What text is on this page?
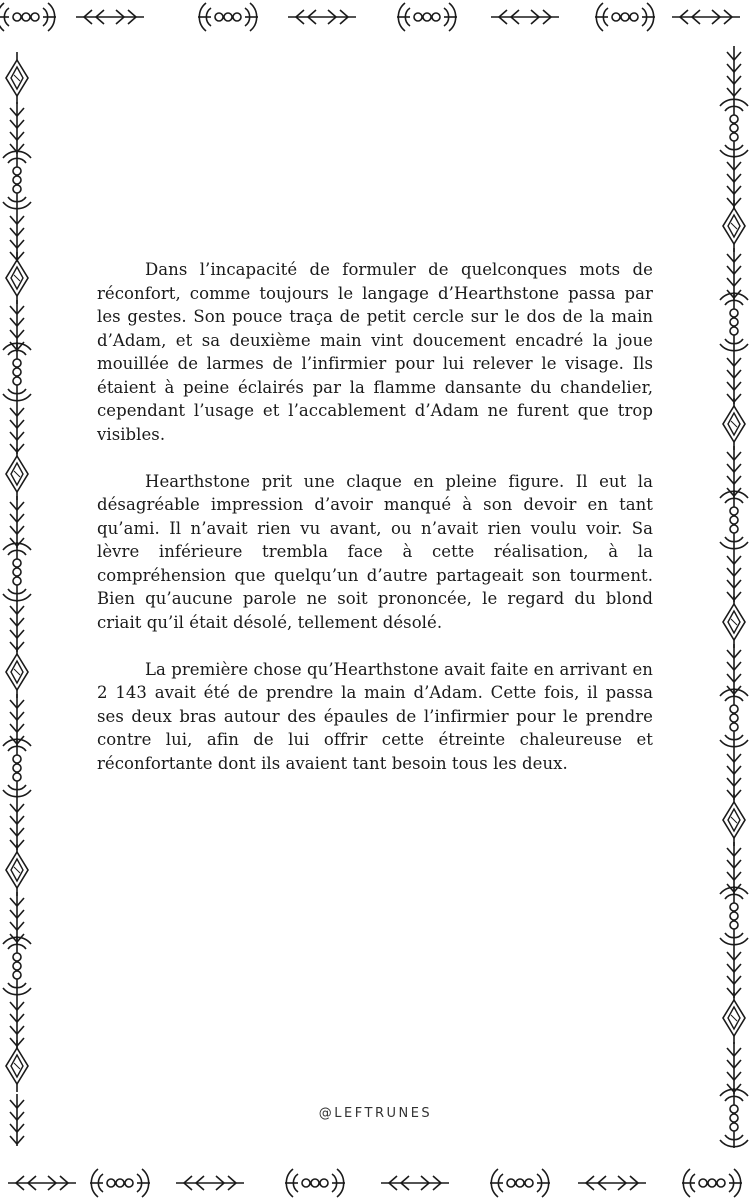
Dans l’incapacité de formuler de quelconques mots de réconfort, comme toujours le langage d’Hearthstone passa par les gestes. Son pouce traça de petit cercle sur le dos de la main d’Adam, et sa deuxième main vint doucement encadré la joue mouillée de larmes de l’infirmier pour lui relever le visage. Ils étaient à peine éclairés par la flamme dansante du chandelier, cependant l’usage et l’accablement d’Adam ne furent que trop visibles.

Hearthstone prit une claque en pleine figure. Il eut la désagréable impression d’avoir manqué à son devoir en tant qu’ami. Il n’avait rien vu avant, ou n’avait rien voulu voir. Sa lèvre inférieure trembla face à cette réalisation, à la compréhension que quelqu’un d’autre partageait son tourment. Bien qu’aucune parole ne soit prononcée, le regard du blond criait qu’il était désolé, tellement désolé.

La première chose qu’Hearthstone avait faite en arrivant en 2 143 avait été de prendre la main d’Adam. Cette fois, il passa ses deux bras autour des épaules de l’infirmier pour le prendre contre lui, afin de lui offrir cette étreinte chaleureuse et réconfortante dont ils avaient tant besoin tous les deux.

@LEFTRUNES
